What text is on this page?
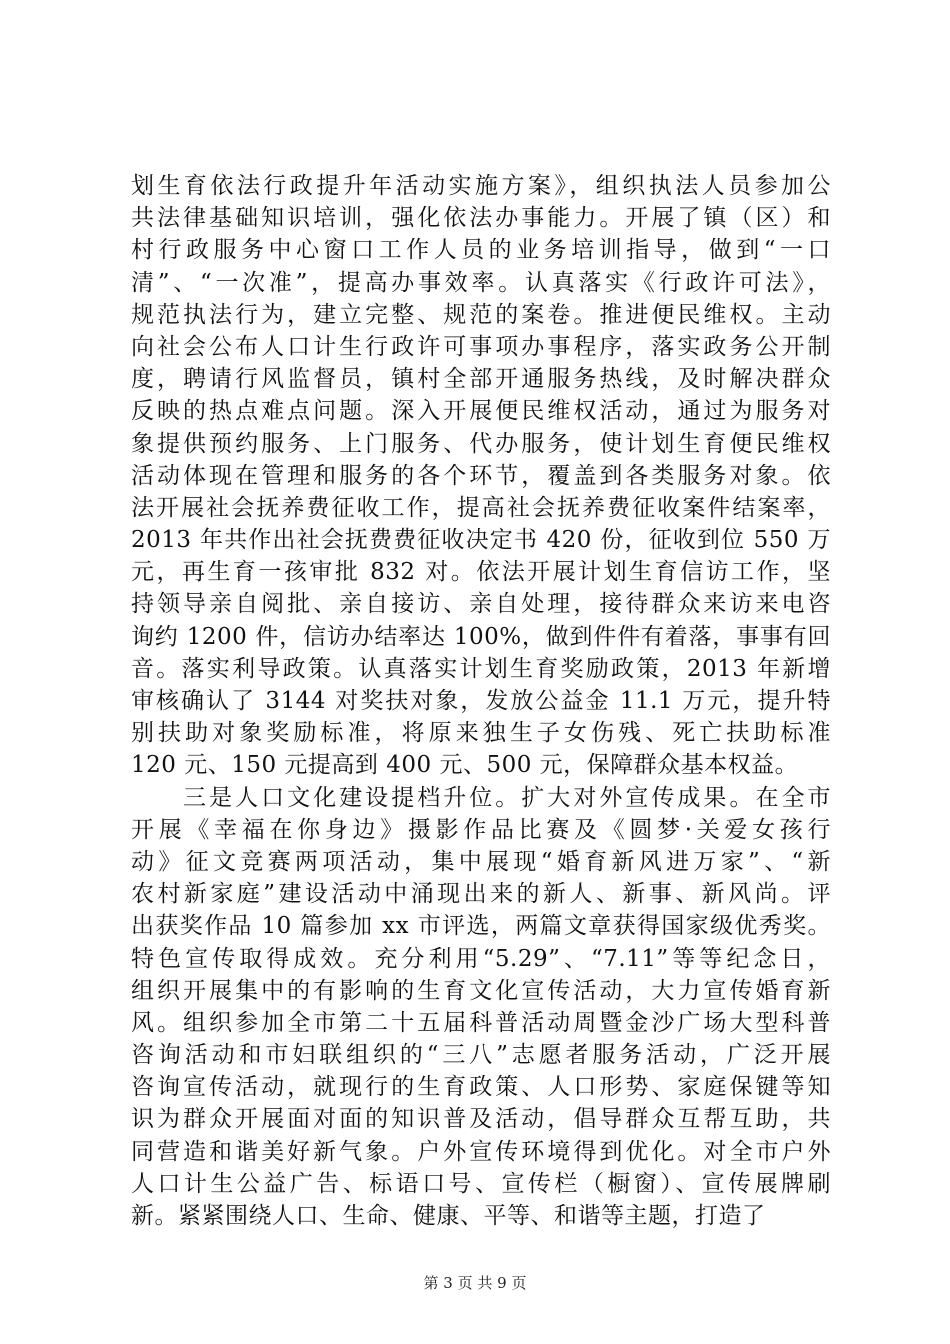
划生育依法行政提升年活动实施方案》，组织执法人员参加公
共法律基础知识培训，强化依法办事能力。开展了镇（区）和
村行政服务中心窗口工作人员的业务培训指导，做到“一口
清”、“一次准”，提高办事效率。认真落实《行政许可法》，
规范执法行为，建立完整、规范的案卷。推进便民维权。主动
向社会公布人口计生行政许可事项办事程序，落实政务公开制
度，聘请行风监督员，镇村全部开通服务热线，及时解决群众
反映的热点难点问题。深入开展便民维权活动，通过为服务对
象提供预约服务、上门服务、代办服务，使计划生育便民维权
活动体现在管理和服务的各个环节，覆盖到各类服务对象。依
法开展社会抚养费征收工作，提高社会抚养费征收案件结案率，
2013 年共作出社会抚费费征收决定书 420 份，征收到位 550 万
元，再生育一孩审批 832 对。依法开展计划生育信访工作，坚
持领导亲自阅批、亲自接访、亲自处理，接待群众来访来电咨
询约 1200 件，信访办结率达 100%，做到件件有着落，事事有回
音。落实利导政策。认真落实计划生育奖励政策，2013 年新增
审核确认了 3144 对奖扶对象，发放公益金 11.1 万元，提升特
别扶助对象奖励标准，将原来独生子女伤残、死亡扶助标准
120 元、150 元提高到 400 元、500 元，保障群众基本权益。
　　三是人口文化建设提档升位。扩大对外宣传成果。在全市
开展《幸福在你身边》摄影作品比赛及《圆梦·关爱女孩行
动》征文竞赛两项活动，集中展现“婚育新风进万家”、“新
农村新家庭”建设活动中涌现出来的新人、新事、新风尚。评
出获奖作品 10 篇参加 xx 市评选，两篇文章获得国家级优秀奖。
特色宣传取得成效。充分利用“5.29”、“7.11”等等纪念日，
组织开展集中的有影响的生育文化宣传活动，大力宣传婚育新
风。组织参加全市第二十五届科普活动周暨金沙广场大型科普
咨询活动和市妇联组织的“三八”志愿者服务活动，广泛开展
咨询宣传活动，就现行的生育政策、人口形势、家庭保键等知
识为群众开展面对面的知识普及活动，倡导群众互帮互助，共
同营造和谐美好新气象。户外宣传环境得到优化。对全市户外
人口计生公益广告、标语口号、宣传栏（橱窗）、宣传展牌刷
新。紧紧围绕人口、生命、健康、平等、和谐等主题，打造了
第 3 页 共 9 页
